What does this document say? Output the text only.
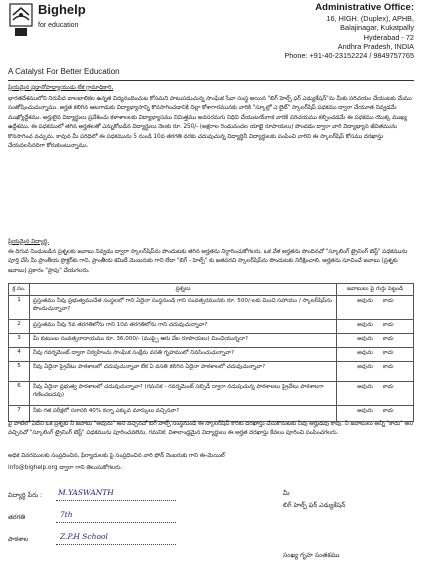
Bighelp
for education
A Catalyst For Better Education
Administrative Office:
16, HIGH. (Duplex), APHB,
Balajinagar, Kukatpally
Hyderabad - 72
Andhra Pradesh, INDIA
Phone: +91-40-23152224 / 9849757765
ప్రియమైన ప్రధానోపాధ్యాయుడు లేక గ్రామాధికారి,
భారతదేశములోని నిరుపేద బాలబాలికల ఉన్నత విద్యనందించుట కోసమని పాటుపడుచున్న సాంఘిక సేవా సంస్థ అయిన "బిగ్ హెల్ప్ ఫర్ ఎడ్యుకేషన్"ను మీకు పరిచయం చేయుటకు మేము సంతోషించుచున్నాము. అర్హత కలిగిన ఆటగాడుకు విద్యాభ్యాసాన్ని కొనసాగించడానికి నిల్లా కోశాగారమునకు వారికి "స్కూల్లో ఎ లైట్" స్కాలర్‌షిప్ పధకము ద్వారా చేయూత నివ్వడమే ముఖ్యోద్దేశము. అర్హులైన విద్యార్థులు ప్రవేశించు కళాశాలలకు విద్యాభ్యాసము నిమిత్తము అవసరమగు నిధిని చేయుటయేగాక వారికి పరిచయము కల్పించడమే ఈ పధకము యొక్క ముఖ్య ఉద్దేశము. ఈ పధకములో తగిన అర్హతలతో ఎన్నుకోబడిన విద్యార్థులు నెలకు రూ. 250/- (అక్షరాల రెండువందల యాభై రూపాయలు) పొందడం ద్వారా వారి విద్యాభ్యాస జీవితమును కొనసాగించ వచ్చును. కావున మీ పరిధిలో ఈ పధకమును 5 నుండి 10వ తరగతి వరకు చదువుచున్న విద్యార్థినీ విద్యార్థులకు పంపించి వారిని ఈ స్కాలర్‌షిప్ కోసము దరఖాస్తు చేయవలసినదిగా కోరుకుంటున్నాము.
ప్రియమైన విద్యార్థి,
ఈ దిగువ నిండుబడిన ప్రశ్నలకు జవాబు నివ్వడం ద్వారా స్కాలర్‌షిప్‌ను పొందుటకు తగిన అర్హతను నిర్ధారించుకోగలరు. ఒక వేళ అర్హతను పొందినచో "స్కూలింగ్ ట్రైనింగ్ టెస్ట్" పధకమును పూర్తి చేసి మీ ప్రాంతీయ ప్రొక్టర్‌కు గాని, ప్రాంతీయ కమిటీ మెంబరుకు గాని లేదా "బిగ్ - హెల్ప్" కు జతపరచి స్కాలర్‌షిప్‌ను పొందుటకు నిరీక్షించాలి. అర్హతను సూచించే జవాబు (ప్రశ్నకు జవాబు) ప్రకారం "ప్రాపు" చేయగలరు.
క్ర.సం.	ప్రశ్నలు	జవాబులు పై గుర్తు పెట్టండి
1	ప్రస్తుతము నీవు ప్రభుత్వముచేత సంస్థలలో గాని ఏదైనా సంస్థనుండి గాని సంవత్సరమునకు రూ. 500/-లకు మించి సహాయం / స్కాలర్‌షిప్‌ను పొందుచున్నావా?	అవును కాదు
2	ప్రస్తుతము నీవు 5వ తరగతిలోను గాని 10వ తరగతిలోను గాని చదువుచున్నావా?	అవును కాదు
3	మీ కుటుంబ సంవత్సరాదాయము రూ. 36,000/- (ముప్పై ఆరు వేల రూపాయలు) మించియున్నదా?	అవును కాదు
4	నీవు గవర్నమెంట్ ద్వారా నిర్వహించు సాంఘిక సంక్షేమ వసతి గృహములో నివసించుచున్నావా?	అవును కాదు
5	నీవు ఏదైనా ప్రైవేటు పాఠశాలలో చదువుచున్నావా లేక ఏ వసతి కలిగిన ఏదైనా పాఠశాలలో చదువుచున్నావా?	అవును కాదు
6	నీవు ఏదైనా ప్రభుత్వ పాఠశాలలో చదువుచున్నావా? (గమనిక - గవర్నమెంట్ సబ్సిడీ ద్వారా నడుపుచున్న పాఠశాలలు ప్రైవేటు పాఠశాలగా గణించబడవు)	అవును కాదు
7	నీకు గత పరీక్షలో సరాసరి 40% కన్నా ఎక్కువ మార్కులు వచ్చినవా?	అవును కాదు
పై వాటిలో ఏదేని ఒక ప్రశ్నకు నీ జవాబు "అవును" అని వచ్చినచో బిగ్ హెల్ప్ సంస్థనుండి ఈ స్కాలర్‌షిప్ కొరకు దరఖాస్తు చేసుకొనుటకు నీవు అర్హుడవు కావు. నీ జవాబులు అన్నీ "కాదు" అని వచ్చినచో "స్కూలింగ్ ట్రైనింగ్ టెస్ట్" పధకమును పూరించవలెను. గమనిక: విశాలాంధ్రమైన విద్యార్థులు ఈ అర్హత దరఖాస్తు కేవలం పూరించి పంపించగలరు.
అధిక వివరములకు సంప్రదించిన, ఫిర్యాదులకు పై సంప్రదించిన వారి ఫోన్ నెంబరుకు గాని ఈ-మెయిల్
info@bighelp.org ద్వారా గాని తెలుసుకోగలరు.
విద్యార్థి పేరు : M.YASWANTH
తరగతి	7th
పాఠశాల	Z.P.H School
మీ
బిగ్ హెల్ప్ ఫర్ ఎడ్యుకేషన్
సంఖ్య గృహ సంతకము
